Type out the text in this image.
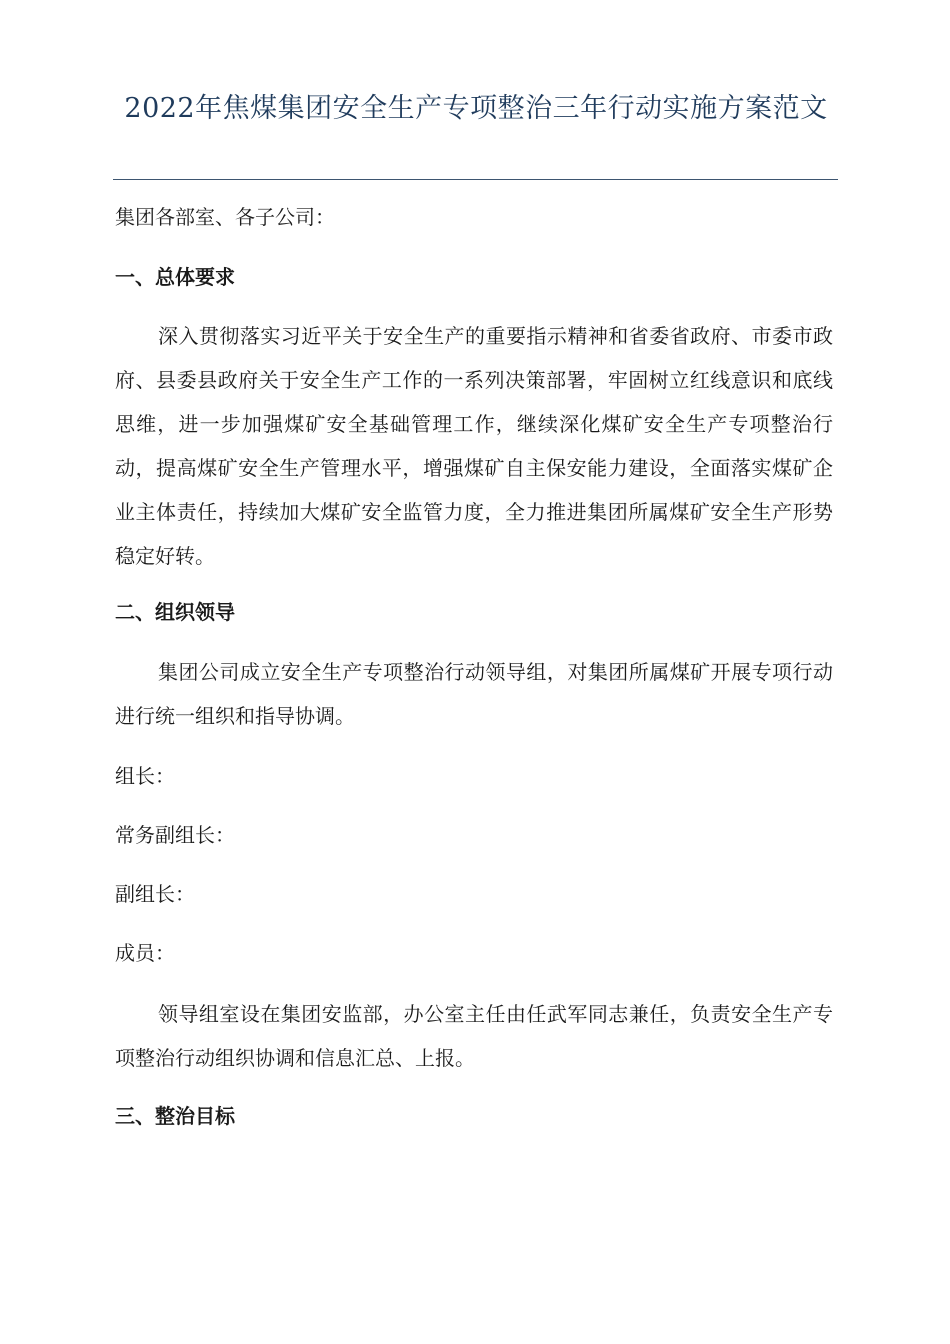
2022年焦煤集团安全生产专项整治三年行动实施方案范文
集团各部室、各子公司：
一、总体要求
深入贯彻落实习近平关于安全生产的重要指示精神和省委省政府、市委市政府、县委县政府关于安全生产工作的一系列决策部署，牢固树立红线意识和底线思维，进一步加强煤矿安全基础管理工作，继续深化煤矿安全生产专项整治行动，提高煤矿安全生产管理水平，增强煤矿自主保安能力建设，全面落实煤矿企业主体责任，持续加大煤矿安全监管力度，全力推进集团所属煤矿安全生产形势稳定好转。
二、组织领导
集团公司成立安全生产专项整治行动领导组，对集团所属煤矿开展专项行动进行统一组织和指导协调。
组长：
常务副组长：
副组长：
成员：
领导组室设在集团安监部，办公室主任由任武军同志兼任，负责安全生产专项整治行动组织协调和信息汇总、上报。
三、整治目标
